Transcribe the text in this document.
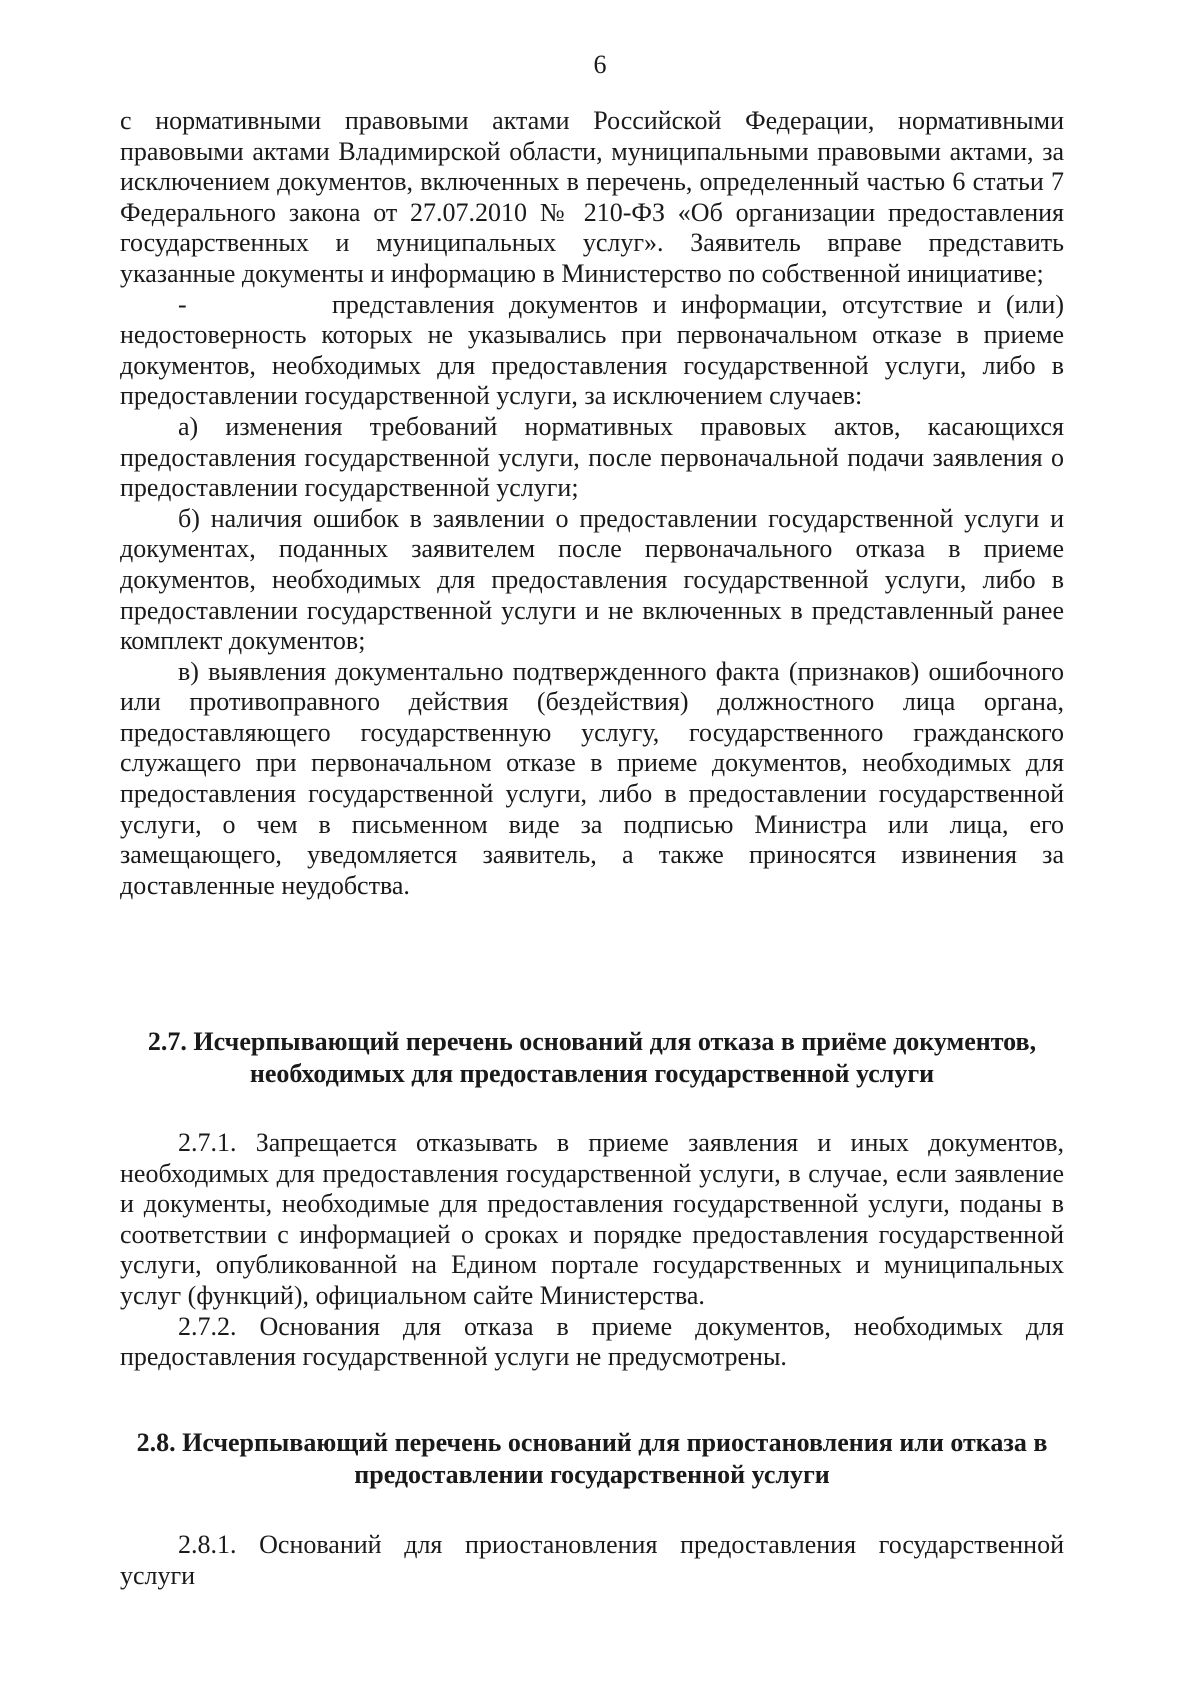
6

с нормативными правовыми актами Российской Федерации, нормативными правовыми актами Владимирской области, муниципальными правовыми актами, за исключением документов, включенных в перечень, определенный частью 6 статьи 7 Федерального закона от 27.07.2010 № 210-ФЗ «Об организации предоставления государственных и муниципальных услуг». Заявитель вправе представить указанные документы и информацию в Министерство по собственной инициативе;

-          представления документов и информации, отсутствие и (или) недостоверность которых не указывались при первоначальном отказе в приеме документов, необходимых для предоставления государственной услуги, либо в предоставлении государственной услуги, за исключением случаев:

а) изменения требований нормативных правовых актов, касающихся предоставления государственной услуги, после первоначальной подачи заявления о предоставлении государственной услуги;

б) наличия ошибок в заявлении о предоставлении государственной услуги и документах, поданных заявителем после первоначального отказа в приеме документов, необходимых для предоставления государственной услуги, либо в предоставлении государственной услуги и не включенных в представленный ранее комплект документов;

в) выявления документально подтвержденного факта (признаков) ошибочного или противоправного действия (бездействия) должностного лица органа, предоставляющего государственную услугу, государственного гражданского служащего при первоначальном отказе в приеме документов, необходимых для предоставления государственной услуги, либо в предоставлении государственной услуги, о чем в письменном виде за подписью Министра или лица, его замещающего, уведомляется заявитель, а также приносятся извинения за доставленные неудобства.

2.7. Исчерпывающий перечень оснований для отказа в приёме документов,
необходимых для предоставления государственной услуги

2.7.1. Запрещается отказывать в приеме заявления и иных документов, необходимых для предоставления государственной услуги, в случае, если заявление и документы, необходимые для предоставления государственной услуги, поданы в соответствии с информацией о сроках и порядке предоставления государственной услуги, опубликованной на Едином портале государственных и муниципальных услуг (функций), официальном сайте Министерства.

2.7.2. Основания для отказа в приеме документов, необходимых для предоставления государственной услуги не предусмотрены.

2.8. Исчерпывающий перечень оснований для приостановления или отказа в
предоставлении государственной услуги

2.8.1. Оснований для приостановления предоставления государственной услуги
